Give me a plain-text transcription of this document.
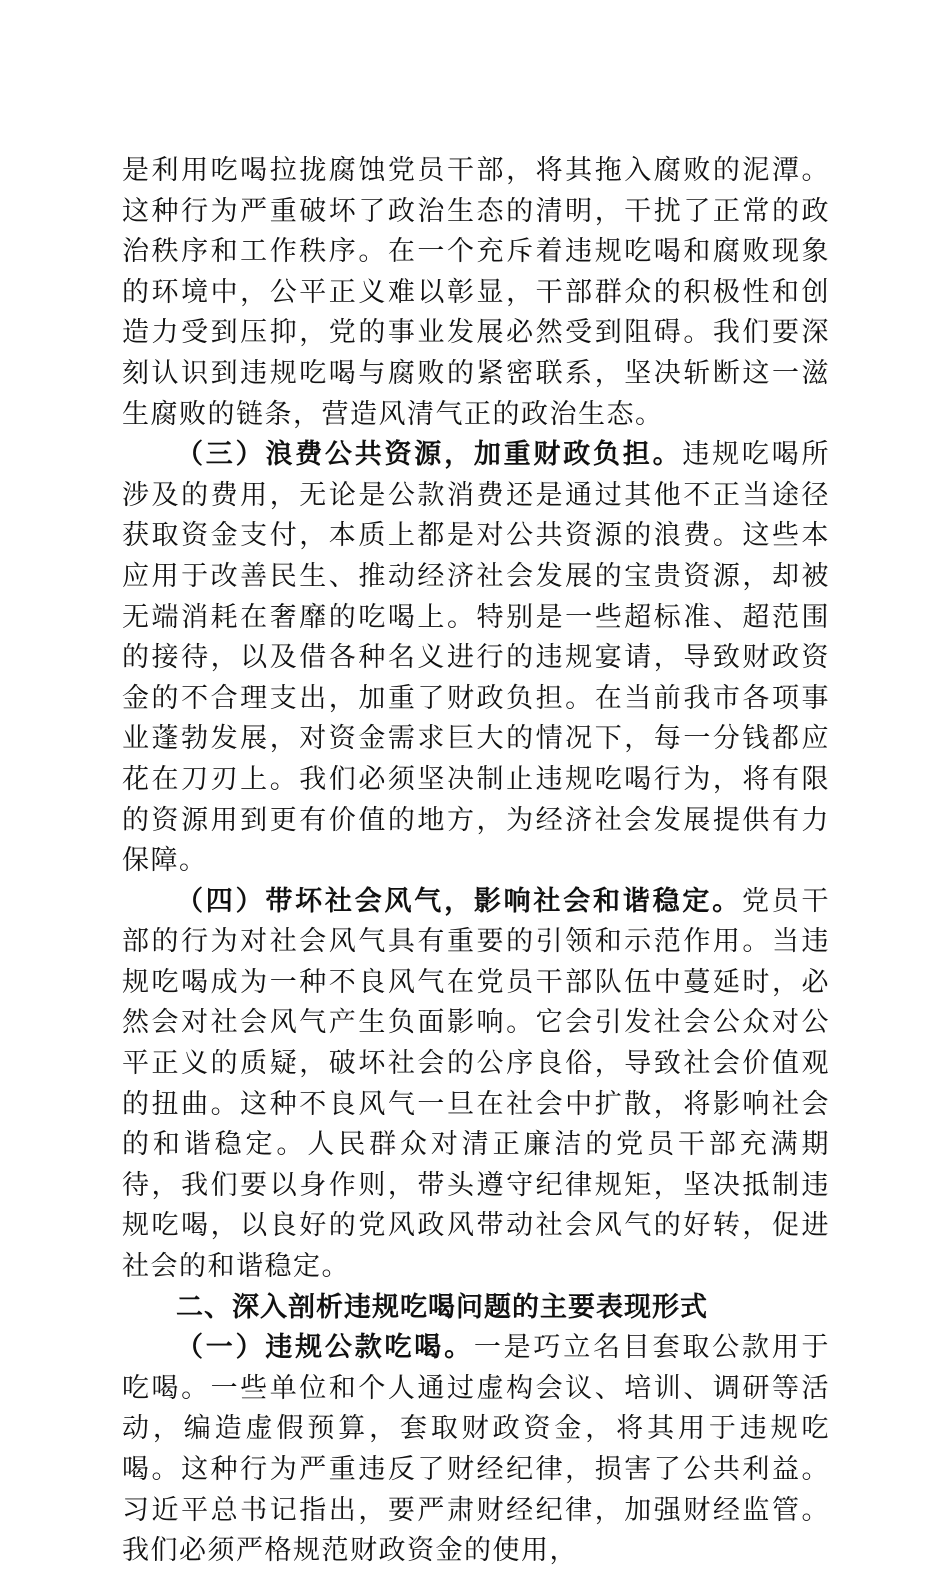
是利用吃喝拉拢腐蚀党员干部，将其拖入腐败的泥潭。这种行为严重破坏了政治生态的清明，干扰了正常的政治秩序和工作秩序。在一个充斥着违规吃喝和腐败现象的环境中，公平正义难以彰显，干部群众的积极性和创造力受到压抑，党的事业发展必然受到阻碍。我们要深刻认识到违规吃喝与腐败的紧密联系，坚决斩断这一滋生腐败的链条，营造风清气正的政治生态。

（三）浪费公共资源，加重财政负担。违规吃喝所涉及的费用，无论是公款消费还是通过其他不正当途径获取资金支付，本质上都是对公共资源的浪费。这些本应用于改善民生、推动经济社会发展的宝贵资源，却被无端消耗在奢靡的吃喝上。特别是一些超标准、超范围的接待，以及借各种名义进行的违规宴请，导致财政资金的不合理支出，加重了财政负担。在当前我市各项事业蓬勃发展，对资金需求巨大的情况下，每一分钱都应花在刀刃上。我们必须坚决制止违规吃喝行为，将有限的资源用到更有价值的地方，为经济社会发展提供有力保障。

（四）带坏社会风气，影响社会和谐稳定。党员干部的行为对社会风气具有重要的引领和示范作用。当违规吃喝成为一种不良风气在党员干部队伍中蔓延时，必然会对社会风气产生负面影响。它会引发社会公众对公平正义的质疑，破坏社会的公序良俗，导致社会价值观的扭曲。这种不良风气一旦在社会中扩散，将影响社会的和谐稳定。人民群众对清正廉洁的党员干部充满期待，我们要以身作则，带头遵守纪律规矩，坚决抵制违规吃喝，以良好的党风政风带动社会风气的好转，促进社会的和谐稳定。

二、深入剖析违规吃喝问题的主要表现形式

（一）违规公款吃喝。一是巧立名目套取公款用于吃喝。一些单位和个人通过虚构会议、培训、调研等活动，编造虚假预算，套取财政资金，将其用于违规吃喝。这种行为严重违反了财经纪律，损害了公共利益。习近平总书记指出，要严肃财经纪律，加强财经监管。我们必须严格规范财政资金的使用，
